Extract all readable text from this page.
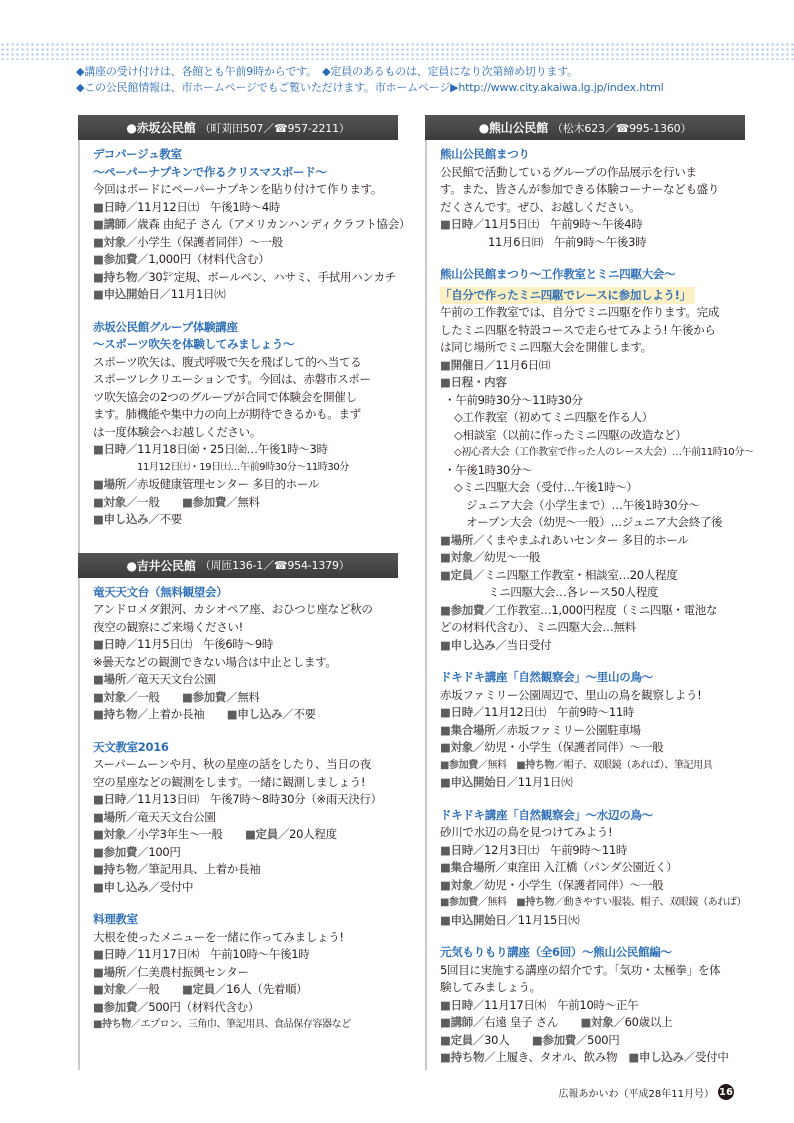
◆講座の受け付けは、各館とも午前9時からです。　◆定員のあるものは、定員になり次第締め切ります。
◆この公民館情報は、市ホームページでもご覧いただけます。市ホームページ▶http://www.city.akaiwa.lg.jp/index.html
●赤坂公民館 （町苅田507／☎957-2211）
デコパージュ教室
～ペーパーナプキンで作るクリスマスボード～
今回はボードにペーパーナプキンを貼り付けて作ります。
■日時／11月12日㈯　午後1時～4時
■講師／歳森 由紀子 さん（アメリカンハンディクラフト協会）
■対象／小学生（保護者同伴）～一般
■参加費／1,000円（材料代含む）
■持ち物／30㌢定規、ボールペン、ハサミ、手拭用ハンカチ
■申込開始日／11月1日㈫
赤坂公民館グループ体験講座
～スポーツ吹矢を体験してみましょう～
スポーツ吹矢は、腹式呼吸で矢を飛ばして的へ当てる
スポーツレクリエーションです。今回は、赤磐市スポー
ツ吹矢協会の2つのグループが合同で体験会を開催し
ます。肺機能や集中力の向上が期待できるかも。まず
は一度体験会へお越しください。
■日時／11月18日㈮・25日㈮…午後1時～3時
11月12日㈯・19日㈯…午前9時30分～11時30分
■場所／赤坂健康管理センター 多目的ホール
■対象／一般　　■参加費／無料
■申し込み／不要
●吉井公民館 （周匝136-1／☎954-1379）
竜天天文台（無料観望会）
アンドロメダ銀河、カシオペア座、おひつじ座など秋の
夜空の観察にご来場ください!
■日時／11月5日㈯　午後6時～9時
※曇天などの観測できない場合は中止とします。
■場所／竜天天文台公園
■対象／一般　　■参加費／無料
■持ち物／上着か長袖　　■申し込み／不要
天文教室2016
スーパームーンや月、秋の星座の話をしたり、当日の夜
空の星座などの観測をします。一緒に観測しましょう!
■日時／11月13日㈰　午後7時～8時30分（※雨天決行）
■場所／竜天天文台公園
■対象／小学3年生～一般　　■定員／20人程度
■参加費／100円
■持ち物／筆記用具、上着か長袖
■申し込み／受付中
料理教室
大根を使ったメニューを一緒に作ってみましょう!
■日時／11月17日㈭　午前10時～午後1時
■場所／仁美農村振興センター
■対象／一般　　■定員／16人（先着順）
■参加費／500円（材料代含む）
■持ち物／エプロン、三角巾、筆記用具、食品保存容器など
●熊山公民館 （松木623／☎995-1360）
熊山公民館まつり
公民館で活動しているグループの作品展示を行いま
す。また、皆さんが参加できる体験コーナーなども盛り
だくさんです。ぜひ、お越しください。
■日時／11月5日㈯　午前9時～午後4時
11月6日㈰　午前9時～午後3時
熊山公民館まつり～工作教室とミニ四駆大会～
「自分で作ったミニ四駆でレースに参加しよう!」
午前の工作教室では、自分でミニ四駆を作ります。完成
したミニ四駆を特設コースで走らせてみよう! 午後から
は同じ場所でミニ四駆大会を開催します。
■開催日／11月6日㈰
■日程・内容
・午前9時30分～11時30分
◇工作教室（初めてミニ四駆を作る人）
◇相談室（以前に作ったミニ四駆の改造など）
◇初心者大会（工作教室で作った人のレース大会）…午前11時10分～
・午後1時30分～
◇ミニ四駆大会（受付…午後1時～）
ジュニア大会（小学生まで）…午後1時30分～
オープン大会（幼児～一般）…ジュニア大会終了後
■場所／くまやまふれあいセンター 多目的ホール
■対象／幼児～一般
■定員／ミニ四駆工作教室・相談室…20人程度
ミニ四駆大会…各レース50人程度
■参加費／工作教室…1,000円程度（ミニ四駆・電池な
どの材料代含む）、ミニ四駆大会…無料
■申し込み／当日受付
ドキドキ講座「自然観察会」～里山の鳥～
赤坂ファミリー公園周辺で、里山の鳥を観察しよう!
■日時／11月12日㈯　午前9時～11時
■集合場所／赤坂ファミリー公園駐車場
■対象／幼児・小学生（保護者同伴）～一般
■参加費／無料　■持ち物／帽子、双眼鏡（あれば）、筆記用具
■申込開始日／11月1日㈫
ドキドキ講座「自然観察会」～水辺の鳥～
砂川で水辺の鳥を見つけてみよう!
■日時／12月3日㈯　午前9時～11時
■集合場所／東窪田 入江橋（パンダ公園近く）
■対象／幼児・小学生（保護者同伴）～一般
■参加費／無料　■持ち物／動きやすい服装、帽子、双眼鏡（あれば）
■申込開始日／11月15日㈫
元気もりもり講座（全6回）～熊山公民館編～
5回目に実施する講座の紹介です。「気功・太極拳」を体
験してみましょう。
■日時／11月17日㈭　午前10時～正午
■講師／右遠 皇子 さん　　■対象／60歳以上
■定員／30人　　■参加費／500円
■持ち物／上履き、タオル、飲み物　■申し込み／受付中
広報あかいわ（平成28年11月号） 16
